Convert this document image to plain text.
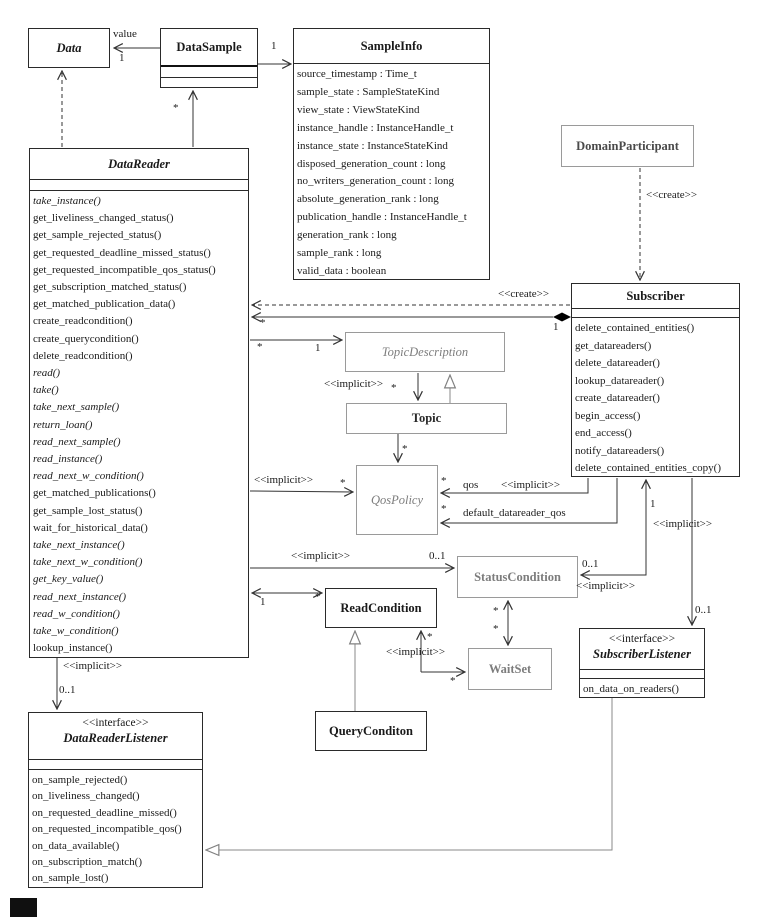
Data	DataSample	SampleInfo
source_timestamp : Time_t
sample_state : SampleStateKind
view_state : ViewStateKind
instance_handle : InstanceHandle_t
instance_state : InstanceStateKind
disposed_generation_count : long
no_writers_generation_count : long
absolute_generation_rank : long
publication_handle : InstanceHandle_t
generation_rank : long
sample_rank : long
valid_data : boolean
DataReader
take_instance()
get_liveliness_changed_status()
get_sample_rejected_status()
get_requested_deadline_missed_status()
get_requested_incompatible_qos_status()
get_subscription_matched_status()
get_matched_publication_data()
create_readcondition()
create_querycondition()
delete_readcondition()
read()
take()
take_next_sample()
return_loan()
read_next_sample()
read_instance()
read_next_w_condition()
get_matched_publications()
get_sample_lost_status()
wait_for_historical_data()
take_next_instance()
take_next_w_condition()
get_key_value()
read_next_instance()
read_w_condition()
take_w_condition()
lookup_instance()
DomainParticipant
Subscriber
delete_contained_entities()
get_datareaders()
delete_datareader()
lookup_datareader()
create_datareader()
begin_access()
end_access()
notify_datareaders()
delete_contained_entities_copy()
TopicDescription
Topic
QosPolicy
StatusCondition
ReadCondition
WaitSet
QueryConditon
<<interface>>
SubscriberListener
on_data_on_readers()
<<interface>>
DataReaderListener
on_sample_rejected()
on_liveliness_changed()
on_requested_deadline_missed()
on_requested_incompatible_qos()
on_data_available()
on_subscription_match()
on_sample_lost()
value
1
1
*
<<create>>
<<create>>
1
*
*	1
<<implicit>> *
*
<<implicit>> *	* qos <<implicit>>
* default_datareader_qos
<<implicit>>	0..1
1
0..1
<<implicit>>
<<implicit>>
0..1
1	*
*
<<implicit>>
*
*
*
<<implicit>>
0..1
